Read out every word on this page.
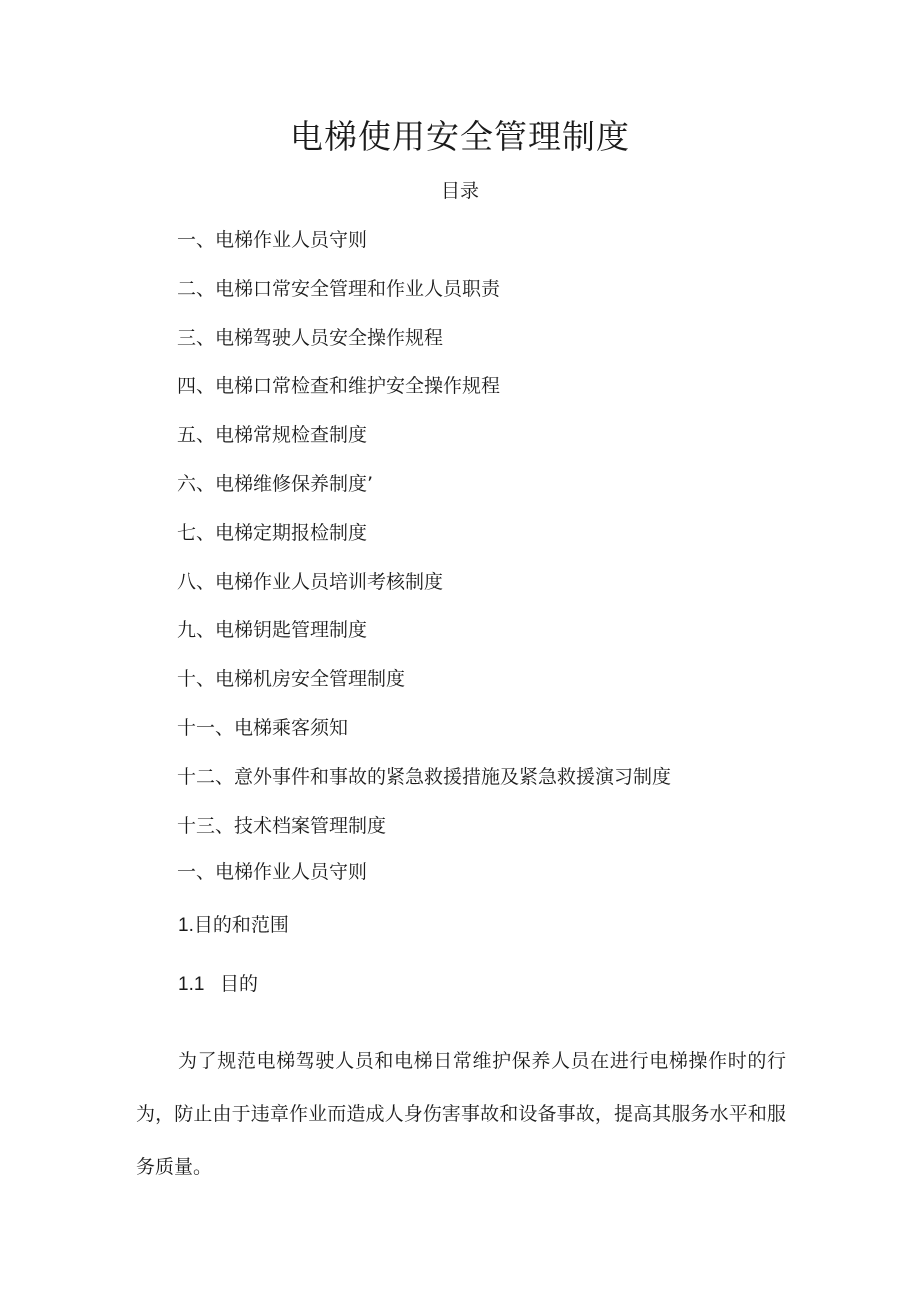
电梯使用安全管理制度
目录
一、电梯作业人员守则
二、电梯口常安全管理和作业人员职责
三、电梯驾驶人员安全操作规程
四、电梯口常检查和维护安全操作规程
五、电梯常规检查制度
六、电梯维修保养制度’
七、电梯定期报检制度
八、电梯作业人员培训考核制度
九、电梯钥匙管理制度
十、电梯机房安全管理制度
十一、电梯乘客须知
十二、意外事件和事故的紧急救援措施及紧急救援演习制度
十三、技术档案管理制度
一、电梯作业人员守则
1.目的和范围
1.1 目的

为了规范电梯驾驶人员和电梯日常维护保养人员在进行电梯操作时的行为，防止由于违章作业而造成人身伤害事故和设备事故，提高其服务水平和服务质量。
